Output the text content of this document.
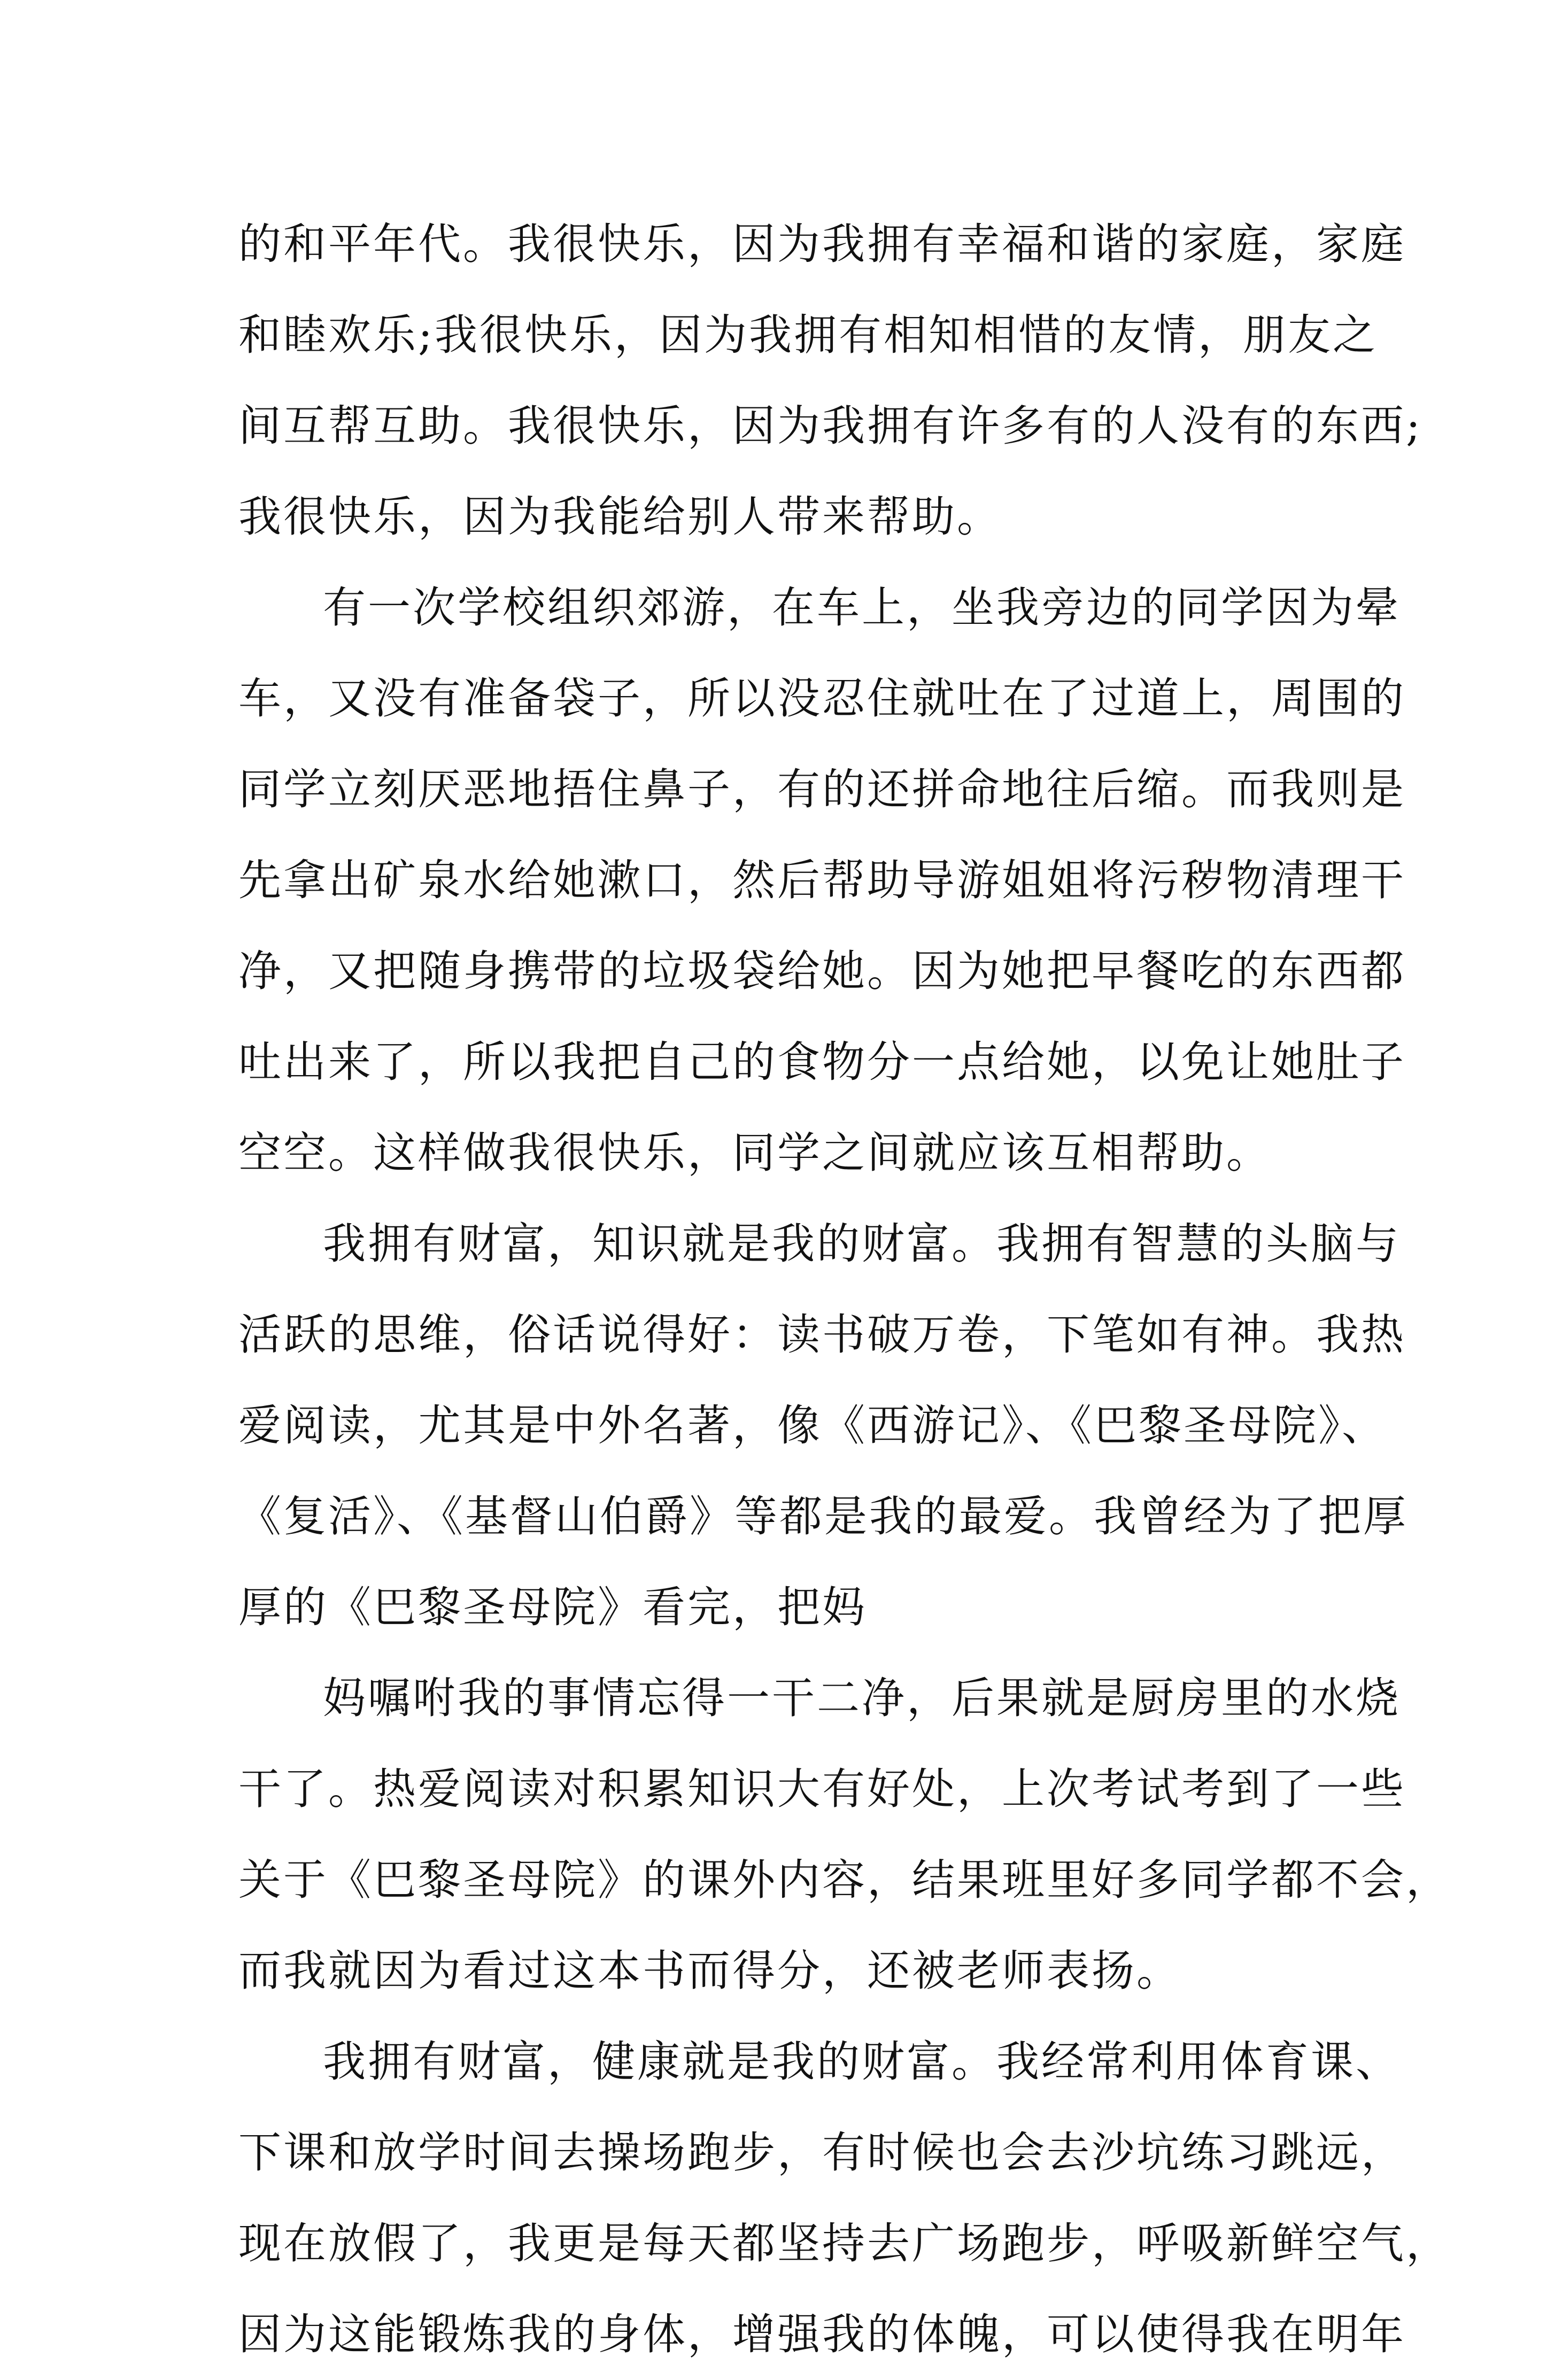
的和平年代。我很快乐，因为我拥有幸福和谐的家庭，家庭
和睦欢乐;我很快乐，因为我拥有相知相惜的友情，朋友之
间互帮互助。我很快乐，因为我拥有许多有的人没有的东西;
我很快乐，因为我能给别人带来帮助。
有一次学校组织郊游，在车上，坐我旁边的同学因为晕
车，又没有准备袋子，所以没忍住就吐在了过道上，周围的
同学立刻厌恶地捂住鼻子，有的还拼命地往后缩。而我则是
先拿出矿泉水给她漱口，然后帮助导游姐姐将污秽物清理干
净，又把随身携带的垃圾袋给她。因为她把早餐吃的东西都
吐出来了，所以我把自己的食物分一点给她，以免让她肚子
空空。这样做我很快乐，同学之间就应该互相帮助。
我拥有财富，知识就是我的财富。我拥有智慧的头脑与
活跃的思维，俗话说得好：读书破万卷，下笔如有神。我热
爱阅读，尤其是中外名著，像《西游记》、《巴黎圣母院》、
《复活》、《基督山伯爵》等都是我的最爱。我曾经为了把厚
厚的《巴黎圣母院》看完，把妈
妈嘱咐我的事情忘得一干二净，后果就是厨房里的水烧
干了。热爱阅读对积累知识大有好处，上次考试考到了一些
关于《巴黎圣母院》的课外内容，结果班里好多同学都不会，
而我就因为看过这本书而得分，还被老师表扬。
我拥有财富，健康就是我的财富。我经常利用体育课、
下课和放学时间去操场跑步，有时候也会去沙坑练习跳远，
现在放假了，我更是每天都坚持去广场跑步，呼吸新鲜空气，
因为这能锻炼我的身体，增强我的体魄，可以使得我在明年
